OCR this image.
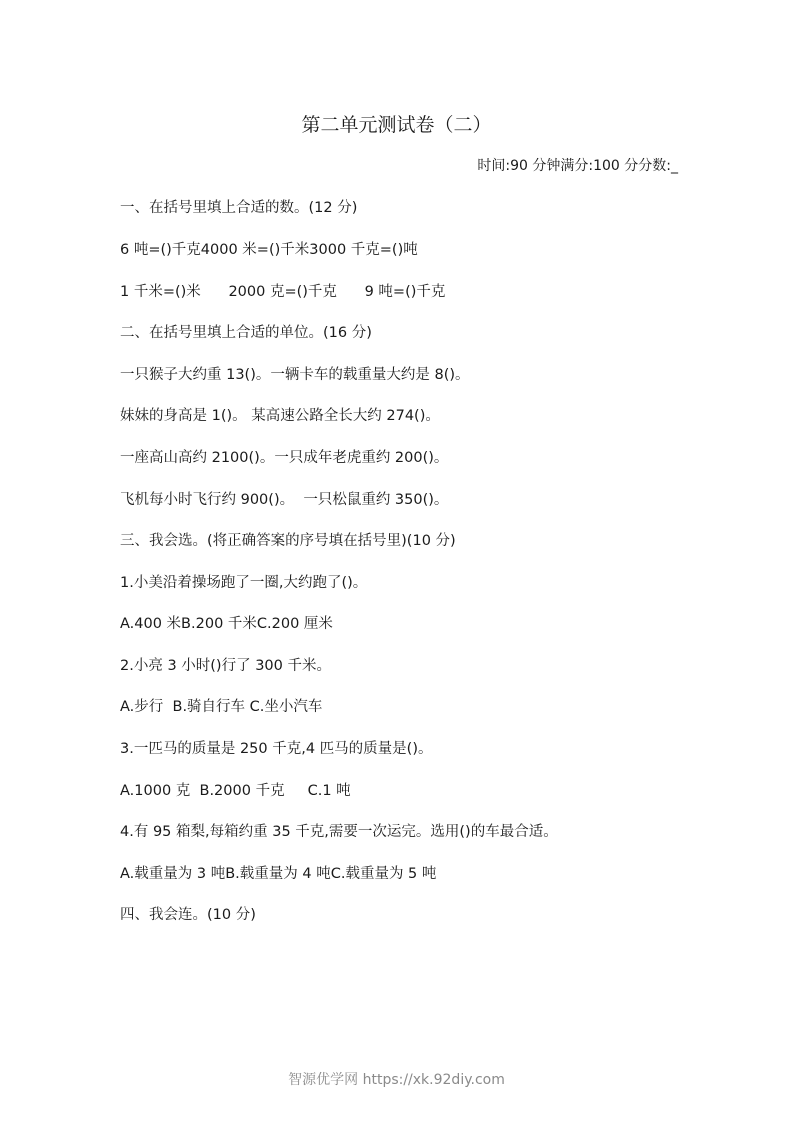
第二单元测试卷（二）
时间:90 分钟满分:100 分分数:_
一、在括号里填上合适的数。(12 分)
6 吨=()千克4000 米=()千米3000 千克=()吨
1 千米=()米      2000 克=()千克      9 吨=()千克
二、在括号里填上合适的单位。(16 分)
一只猴子大约重 13()。一辆卡车的载重量大约是 8()。
妹妹的身高是 1()。 某高速公路全长大约 274()。
一座高山高约 2100()。一只成年老虎重约 200()。
飞机每小时飞行约 900()。  一只松鼠重约 350()。
三、我会选。(将正确答案的序号填在括号里)(10 分)
1.小美沿着操场跑了一圈,大约跑了()。
A.400 米B.200 千米C.200 厘米
2.小亮 3 小时()行了 300 千米。
A.步行  B.骑自行车 C.坐小汽车
3.一匹马的质量是 250 千克,4 匹马的质量是()。
A.1000 克  B.2000 千克     C.1 吨
4.有 95 箱梨,每箱约重 35 千克,需要一次运完。选用()的车最合适。
A.载重量为 3 吨B.载重量为 4 吨C.载重量为 5 吨
四、我会连。(10 分)
智源优学网 https://xk.92diy.com
